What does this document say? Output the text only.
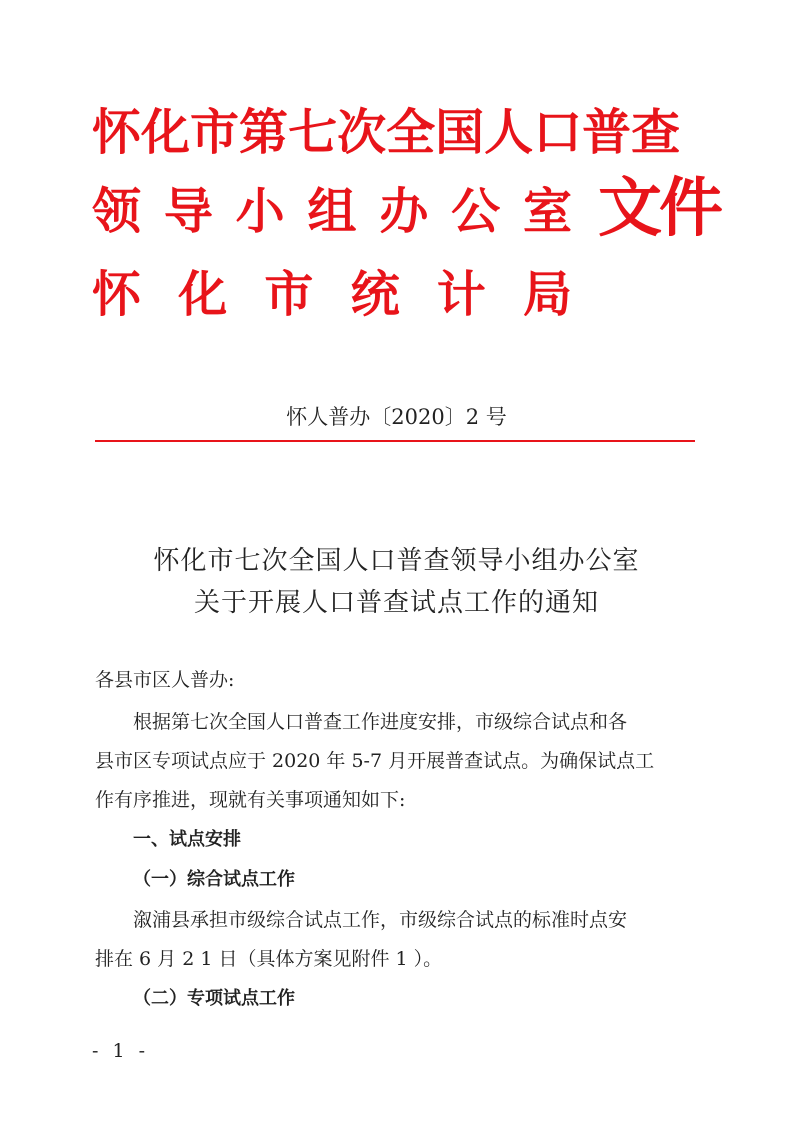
怀 化 市 第 七 次 全 国 人 口 普 查
领 导 小 组 办 公 室
怀 化 市 统 计 局
文件
怀人普办〔2020〕2 号
怀化市七次全国人口普查领导小组办公室
关于开展人口普查试点工作的通知
各县市区人普办:
根据第七次全国人口普查工作进度安排，市级综合试点和各
县市区专项试点应于 2020 年 5-7 月开展普查试点。为确保试点工
作有序推进，现就有关事项通知如下:
一、试点安排
（一）综合试点工作
溆浦县承担市级综合试点工作，市级综合试点的标准时点安
排在 6 月 2 1 日（具体方案见附件 1 ）。
（二）专项试点工作
- 1 -
